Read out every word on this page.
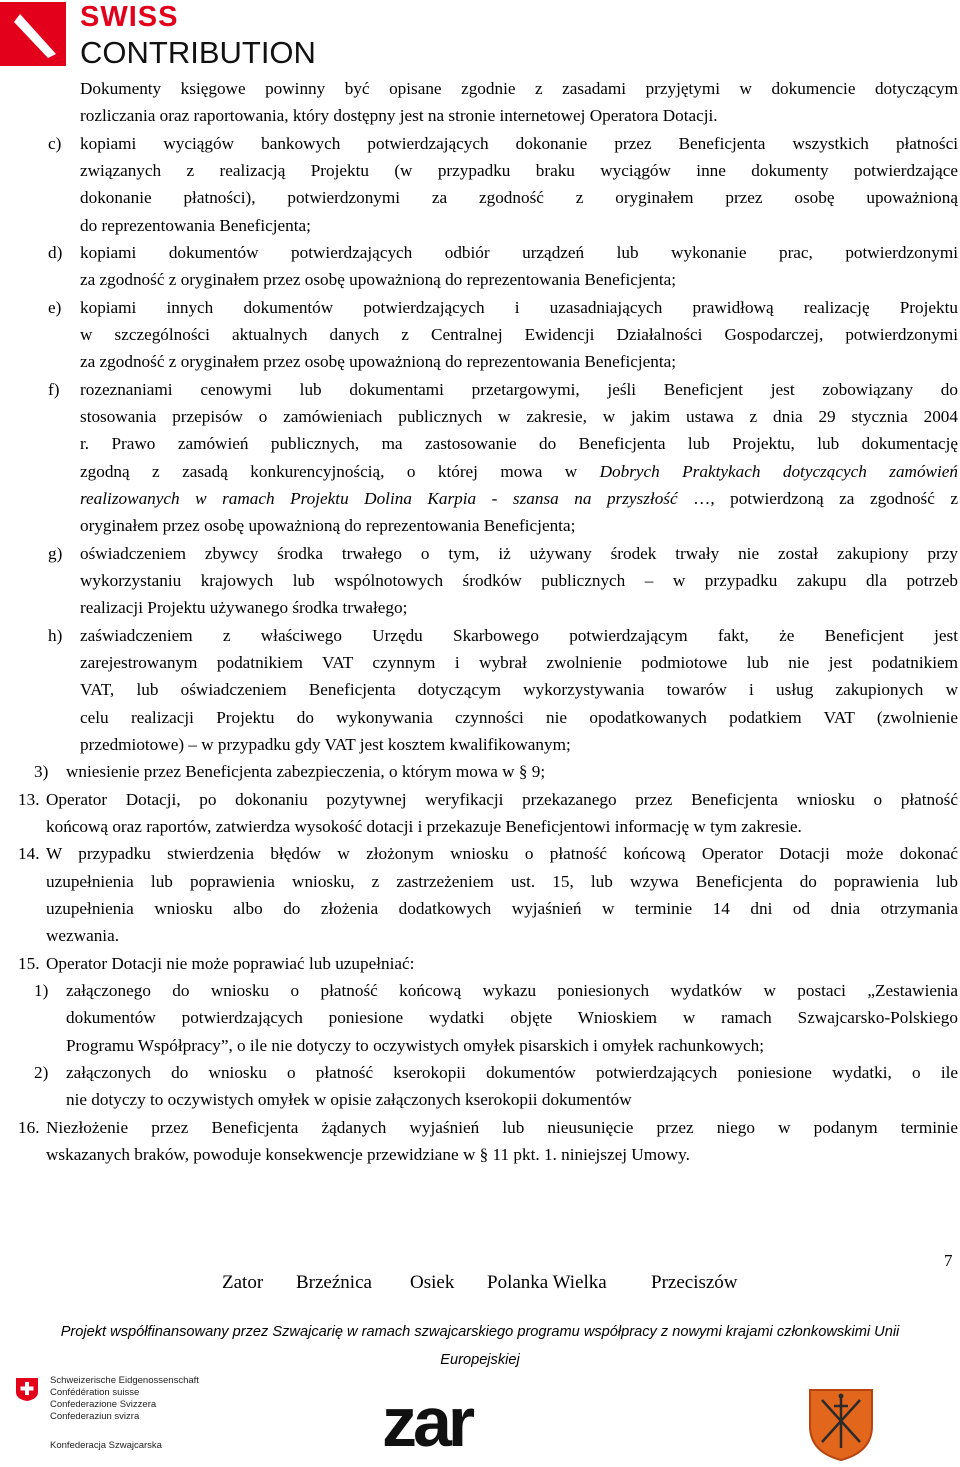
SWISS
CONTRIBUTION
Dokumenty księgowe powinny być opisane zgodnie z zasadami przyjętymi w dokumencie dotyczącym
rozliczania oraz raportowania, który dostępny jest na stronie internetowej Operatora Dotacji.
c) kopiami wyciągów bankowych potwierdzających dokonanie przez Beneficjenta wszystkich płatności
związanych z realizacją Projektu (w przypadku braku wyciągów inne dokumenty potwierdzające
dokonanie płatności), potwierdzonymi za zgodność z oryginałem przez osobę upoważnioną
do reprezentowania Beneficjenta;
d) kopiami dokumentów potwierdzających odbiór urządzeń lub wykonanie prac, potwierdzonymi
za zgodność z oryginałem przez osobę upoważnioną do reprezentowania Beneficjenta;
e) kopiami innych dokumentów potwierdzających i uzasadniających prawidłową realizację Projektu
w szczególności aktualnych danych z Centralnej Ewidencji Działalności Gospodarczej, potwierdzonymi
za zgodność z oryginałem przez osobę upoważnioną do reprezentowania Beneficjenta;
f) rozeznaniami cenowymi lub dokumentami przetargowymi, jeśli Beneficjent jest zobowiązany do
stosowania przepisów o zamówieniach publicznych w zakresie, w jakim ustawa z dnia 29 stycznia 2004
r. Prawo zamówień publicznych, ma zastosowanie do Beneficjenta lub Projektu, lub dokumentację
zgodną z zasadą konkurencyjnością, o której mowa w Dobrych Praktykach dotyczących zamówień
realizowanych w ramach Projektu Dolina Karpia - szansa na przyszłość …, potwierdzoną za zgodność z
oryginałem przez osobę upoważnioną do reprezentowania Beneficjenta;
g) oświadczeniem zbywcy środka trwałego o tym, iż używany środek trwały nie został zakupiony przy
wykorzystaniu krajowych lub wspólnotowych środków publicznych – w przypadku zakupu dla potrzeb
realizacji Projektu używanego środka trwałego;
h) zaświadczeniem z właściwego Urzędu Skarbowego potwierdzającym fakt, że Beneficjent jest
zarejestrowanym podatnikiem VAT czynnym i wybrał zwolnienie podmiotowe lub nie jest podatnikiem
VAT, lub oświadczeniem Beneficjenta dotyczącym wykorzystywania towarów i usług zakupionych w
celu realizacji Projektu do wykonywania czynności nie opodatkowanych podatkiem VAT (zwolnienie
przedmiotowe) – w przypadku gdy VAT jest kosztem kwalifikowanym;
3) wniesienie przez Beneficjenta zabezpieczenia, o którym mowa w § 9;
13. Operator Dotacji, po dokonaniu pozytywnej weryfikacji przekazanego przez Beneficjenta wniosku o płatność
końcową oraz raportów, zatwierdza wysokość dotacji i przekazuje Beneficjentowi informację w tym zakresie.
14. W przypadku stwierdzenia błędów w złożonym wniosku o płatność końcową Operator Dotacji może dokonać
uzupełnienia lub poprawienia wniosku, z zastrzeżeniem ust. 15, lub wzywa Beneficjenta do poprawienia lub
uzupełnienia wniosku albo do złożenia dodatkowych wyjaśnień w terminie 14 dni od dnia otrzymania
wezwania.
15. Operator Dotacji nie może poprawiać lub uzupełniać:
1) załączonego do wniosku o płatność końcową wykazu poniesionych wydatków w postaci „Zestawienia
dokumentów potwierdzających poniesione wydatki objęte Wnioskiem w ramach Szwajcarsko-Polskiego
Programu Współpracy”, o ile nie dotyczy to oczywistych omyłek pisarskich i omyłek rachunkowych;
2) załączonych do wniosku o płatność kserokopii dokumentów potwierdzających poniesione wydatki, o ile
nie dotyczy to oczywistych omyłek w opisie załączonych kserokopii dokumentów
16. Niezłożenie przez Beneficjenta żądanych wyjaśnień lub nieusunięcie przez niego w podanym terminie
wskazanych braków, powoduje konsekwencje przewidziane w § 11 pkt. 1. niniejszej Umowy.
7
Zator Brzeźnica Osiek Polanka Wielka Przeciszów
Projekt współfinansowany przez Szwajcarię w ramach szwajcarskiego programu współpracy z nowymi krajami członkowskimi Unii
Europejskiej
Schweizerische Eidgenossenschaft
Confédération suisse
Confederazione Svizzera
Confederaziun svizra
Konfederacja Szwajcarska	zar
